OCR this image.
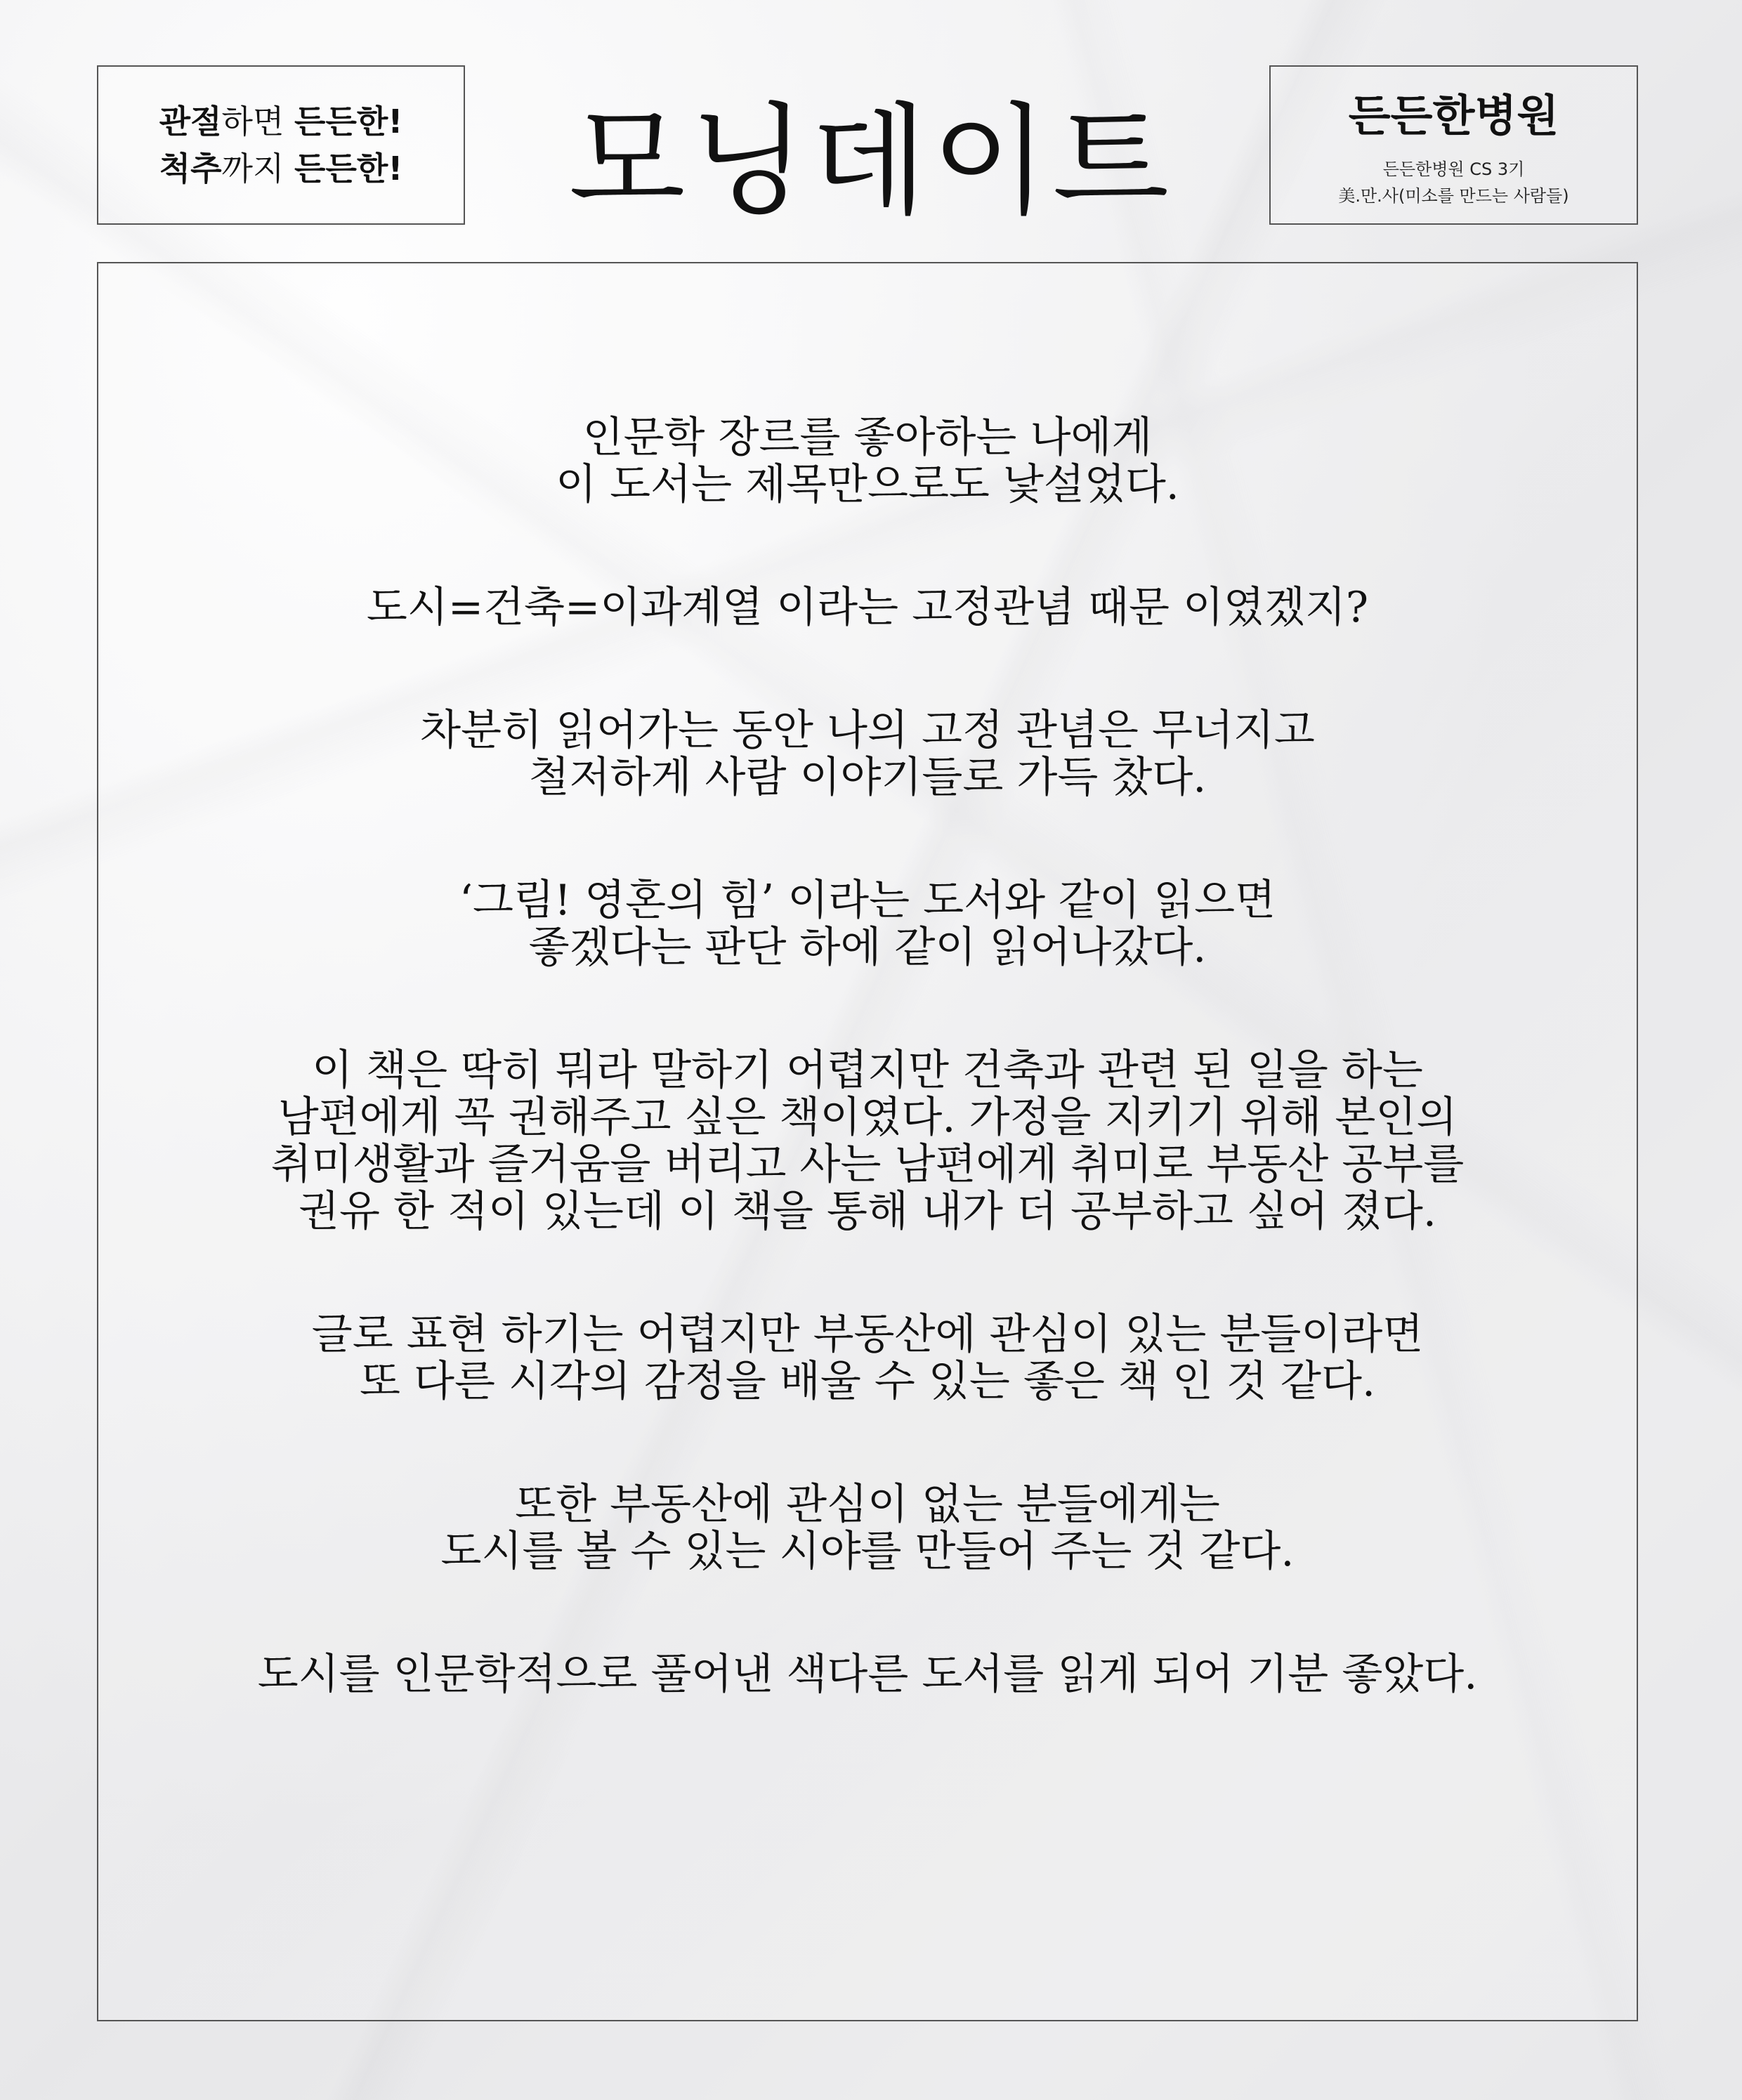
관절하면 든든한!
척추까지 든든한!	모닝데이트	든든한병원
든든한병원 CS 3기
美.만.사(미소를 만드는 사람들)
인문학 장르를 좋아하는 나에게
이 도서는 제목만으로도 낯설었다.
도시=건축=이과계열 이라는 고정관념 때문 이였겠지?
차분히 읽어가는 동안 나의 고정 관념은 무너지고
철저하게 사람 이야기들로 가득 찼다.
‘그림! 영혼의 힘’ 이라는 도서와 같이 읽으면
좋겠다는 판단 하에 같이 읽어나갔다.
이 책은 딱히 뭐라 말하기 어렵지만 건축과 관련 된 일을 하는
남편에게 꼭 권해주고 싶은 책이였다. 가정을 지키기 위해 본인의
취미생활과 즐거움을 버리고 사는 남편에게 취미로 부동산 공부를
권유 한 적이 있는데 이 책을 통해 내가 더 공부하고 싶어 졌다.
글로 표현 하기는 어렵지만 부동산에 관심이 있는 분들이라면
또 다른 시각의 감정을 배울 수 있는 좋은 책 인 것 같다.
또한 부동산에 관심이 없는 분들에게는
도시를 볼 수 있는 시야를 만들어 주는 것 같다.
도시를 인문학적으로 풀어낸 색다른 도서를 읽게 되어 기분 좋았다.
